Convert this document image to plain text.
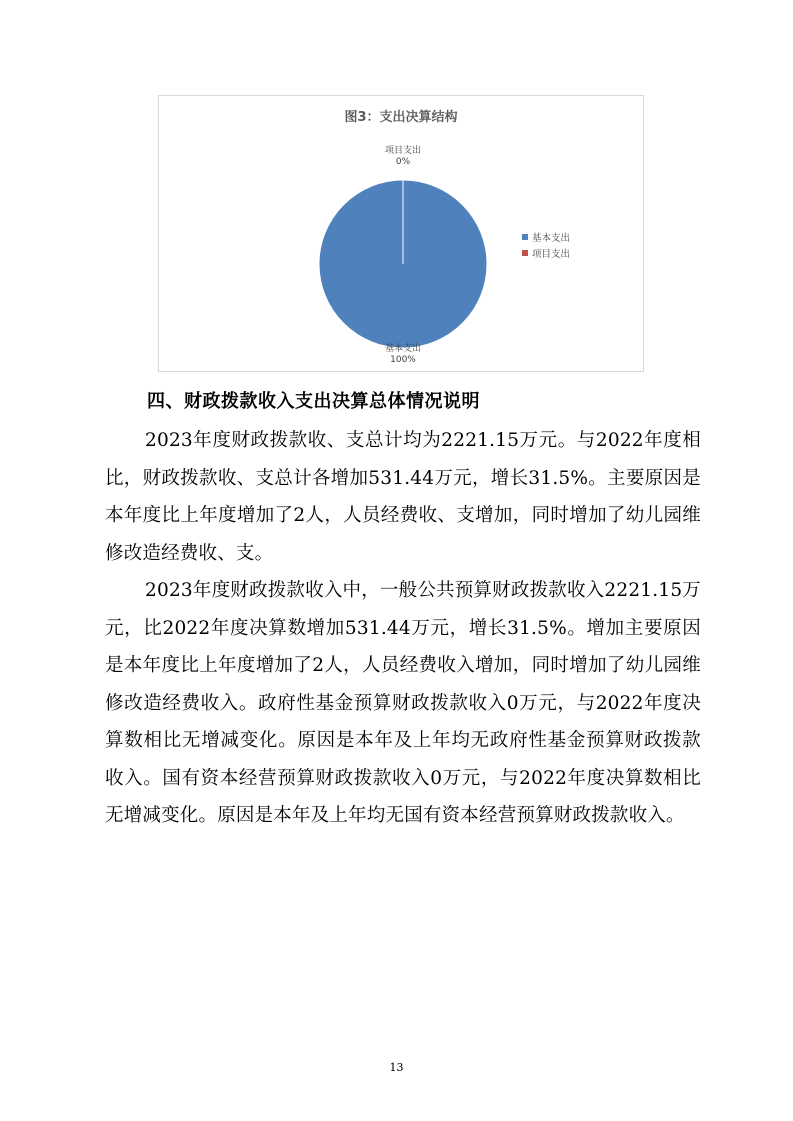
图3：支出决算结构
项目支出
0%
基本支出
100%
基本支出
项目支出
四、财政拨款收入支出决算总体情况说明

2023年度财政拨款收、支总计均为2221.15万元。与2022年度相比，财政拨款收、支总计各增加531.44万元，增长31.5%。主要原因是本年度比上年度增加了2人，人员经费收、支增加，同时增加了幼儿园维修改造经费收、支。

2023年度财政拨款收入中，一般公共预算财政拨款收入2221.15万元，比2022年度决算数增加531.44万元，增长31.5%。增加主要原因是本年度比上年度增加了2人，人员经费收入增加，同时增加了幼儿园维修改造经费收入。政府性基金预算财政拨款收入0万元，与2022年度决算数相比无增减变化。原因是本年及上年均无政府性基金预算财政拨款收入。国有资本经营预算财政拨款收入0万元，与2022年度决算数相比无增减变化。原因是本年及上年均无国有资本经营预算财政拨款收入。

13
